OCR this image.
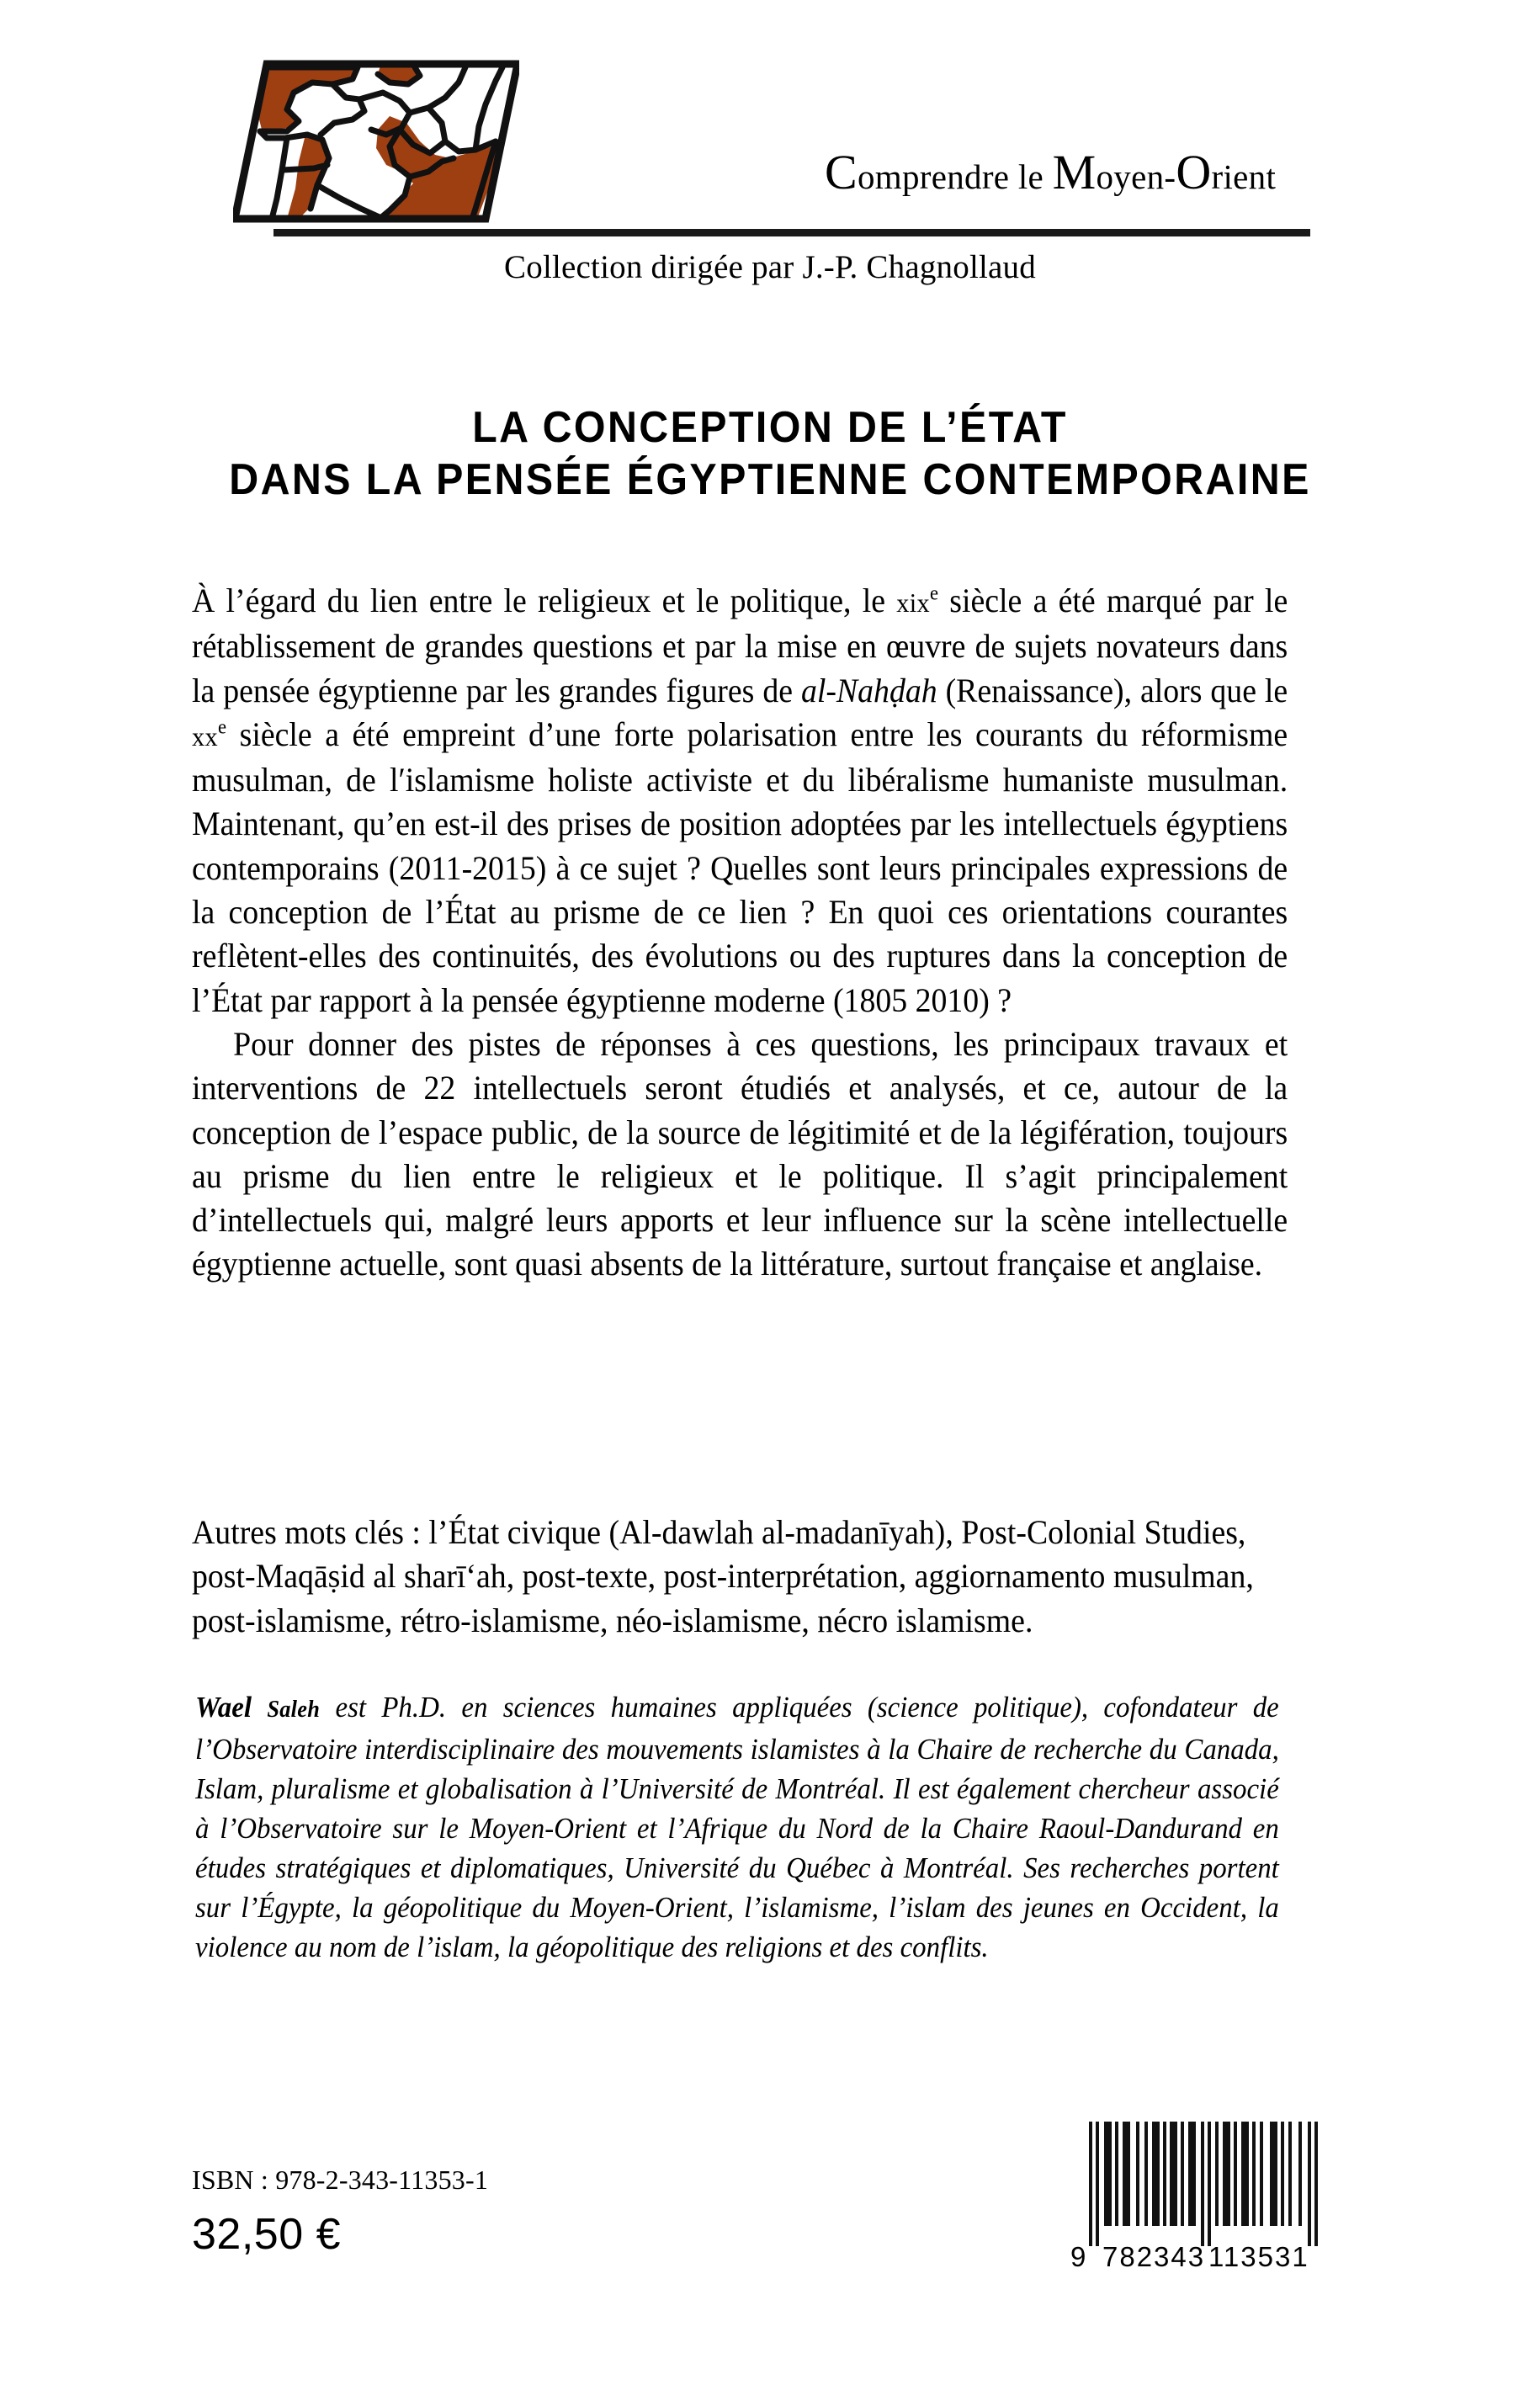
Comprendre le Moyen-Orient
Collection dirigée par J.-P. Chagnollaud
LA CONCEPTION DE L’ÉTAT
DANS LA PENSÉE ÉGYPTIENNE CONTEMPORAINE

À l’égard du lien entre le religieux et le politique, le xix$^e$ siècle a été marqué par le rétablissement de grandes questions et par la mise en œuvre de sujets novateurs dans la pensée égyptienne par les grandes figures de al-Nahḍah (Renaissance), alors que le $xx^e$ siècle a été empreint d’une forte polarisation entre les courants du réformisme musulman, de lʹislamisme holiste activiste et du libéralisme humaniste musulman. Maintenant, qu’en est-il des prises de position adoptées par les intellectuels égyptiens contemporains (2011-2015) à ce sujet ? Quelles sont leurs principales expressions de la conception de l’État au prisme de ce lien ? En quoi ces orientations courantes reflètent-elles des continuités, des évolutions ou des ruptures dans la conception de l’État par rapport à la pensée égyptienne moderne (1805 2010) ?

Pour donner des pistes de réponses à ces questions, les principaux travaux et interventions de 22 intellectuels seront étudiés et analysés, et ce, autour de la conception de l’espace public, de la source de légitimité et de la légifération, toujours au prisme du lien entre le religieux et le politique. Il s’agit principalement d’intellectuels qui, malgré leurs apports et leur influence sur la scène intellectuelle égyptienne actuelle, sont quasi absents de la littérature, surtout française et anglaise.

Autres mots clés : l’État civique (Al-dawlah al-madanīyah), Post-Colonial Studies, post-Maqāṣid al sharīʻah, post-texte, post-interprétation, aggiornamento musulman, post-islamisme, rétro-islamisme, néo-islamisme, nécro islamisme.

Wael Saleh est Ph.D. en sciences humaines appliquées (science politique), cofondateur de l’Observatoire interdisciplinaire des mouvements islamistes à la Chaire de recherche du Canada, Islam, pluralisme et globalisation à l’Université de Montréal. Il est également chercheur associé à l’Observatoire sur le Moyen-Orient et l’Afrique du Nord de la Chaire Raoul-Dandurand en études stratégiques et diplomatiques, Université du Québec à Montréal. Ses recherches portent sur l’Égypte, la géopolitique du Moyen-Orient, l’islamisme, l’islam des jeunes en Occident, la violence au nom de l’islam, la géopolitique des religions et des conflits.

ISBN : 978-2-343-11353-1
32,50 €	9 782343 113531
